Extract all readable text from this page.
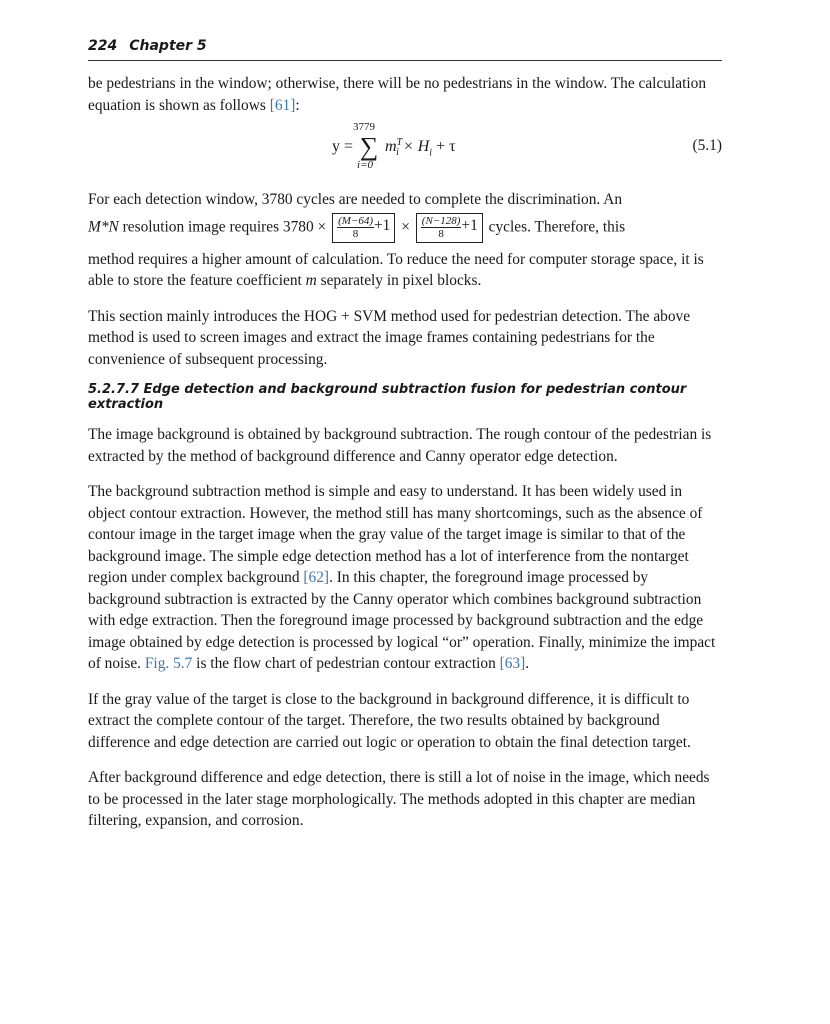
224 Chapter 5

be pedestrians in the window; otherwise, there will be no pedestrians in the window. The calculation equation is shown as follows [61]:

y =
3779
∑
i=0
$m^T_i \times H_i + \tau$	(5.1)

For each detection window, 3780 cycles are needed to complete the discrimination. An

M*N resolution image requires $3780 \times \frac{(M-64)}{8} +1 \times \frac{(N-128)}{8} +1$ cycles. Therefore, this

method requires a higher amount of calculation. To reduce the need for computer storage space, it is able to store the feature coefficient m separately in pixel blocks.

This section mainly introduces the HOG + SVM method used for pedestrian detection. The above method is used to screen images and extract the image frames containing pedestrians for the convenience of subsequent processing.

5.2.7.7 Edge detection and background subtraction fusion for pedestrian contour extraction

The image background is obtained by background subtraction. The rough contour of the pedestrian is extracted by the method of background difference and Canny operator edge detection.

The background subtraction method is simple and easy to understand. It has been widely used in object contour extraction. However, the method still has many shortcomings, such as the absence of contour image in the target image when the gray value of the target image is similar to that of the background image. The simple edge detection method has a lot of interference from the nontarget region under complex background [62]. In this chapter, the foreground image processed by background subtraction is extracted by the Canny operator which combines background subtraction with edge extraction. Then the foreground image processed by background subtraction and the edge image obtained by edge detection is processed by logical “or” operation. Finally, minimize the impact of noise. Fig. 5.7 is the flow chart of pedestrian contour extraction [63].

If the gray value of the target is close to the background in background difference, it is difficult to extract the complete contour of the target. Therefore, the two results obtained by background difference and edge detection are carried out logic or operation to obtain the final detection target.

After background difference and edge detection, there is still a lot of noise in the image, which needs to be processed in the later stage morphologically. The methods adopted in this chapter are median filtering, expansion, and corrosion.
